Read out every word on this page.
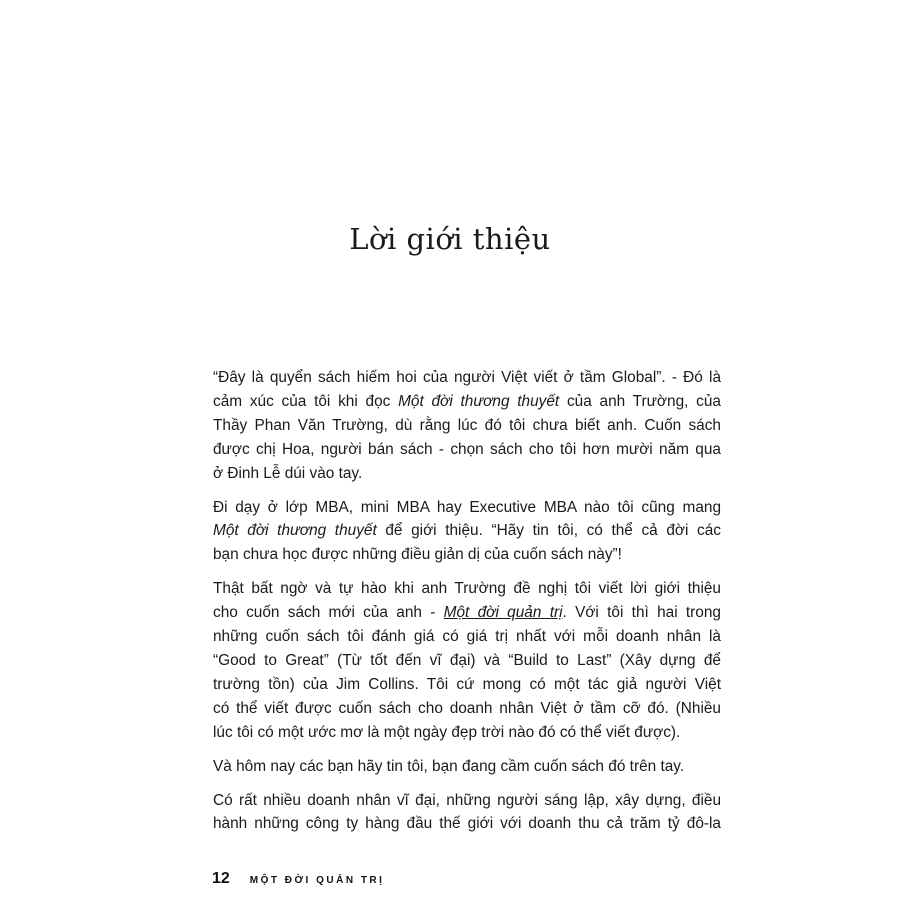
Lời giới thiệu

“Đây là quyển sách hiếm hoi của người Việt viết ở tầm Global”. - Đó là
cảm xúc của tôi khi đọc Một đời thương thuyết của anh Trường, của
Thầy Phan Văn Trường, dù rằng lúc đó tôi chưa biết anh. Cuốn sách
được chị Hoa, người bán sách - chọn sách cho tôi hơn mười năm qua
ở Đinh Lễ dúi vào tay.

Đi dạy ở lớp MBA, mini MBA hay Executive MBA nào tôi cũng mang
Một đời thương thuyết để giới thiệu. “Hãy tin tôi, có thể cả đời các
bạn chưa học được những điều giản dị của cuốn sách này”!

Thật bất ngờ và tự hào khi anh Trường đề nghị tôi viết lời giới thiệu
cho cuốn sách mới của anh - Một đời quản trị. Với tôi thì hai trong
những cuốn sách tôi đánh giá có giá trị nhất với mỗi doanh nhân là
“Good to Great” (Từ tốt đến vĩ đại) và “Build to Last” (Xây dựng để
trường tồn) của Jim Collins. Tôi cứ mong có một tác giả người Việt
có thể viết được cuốn sách cho doanh nhân Việt ở tầm cỡ đó. (Nhiều
lúc tôi có một ước mơ là một ngày đẹp trời nào đó có thể viết được).

Và hôm nay các bạn hãy tin tôi, bạn đang cầm cuốn sách đó trên tay.

Có rất nhiều doanh nhân vĩ đại, những người sáng lập, xây dựng, điều
hành những công ty hàng đầu thế giới với doanh thu cả trăm tỷ đô-la

12 MỘT ĐỜI QUẢN TRỊ
